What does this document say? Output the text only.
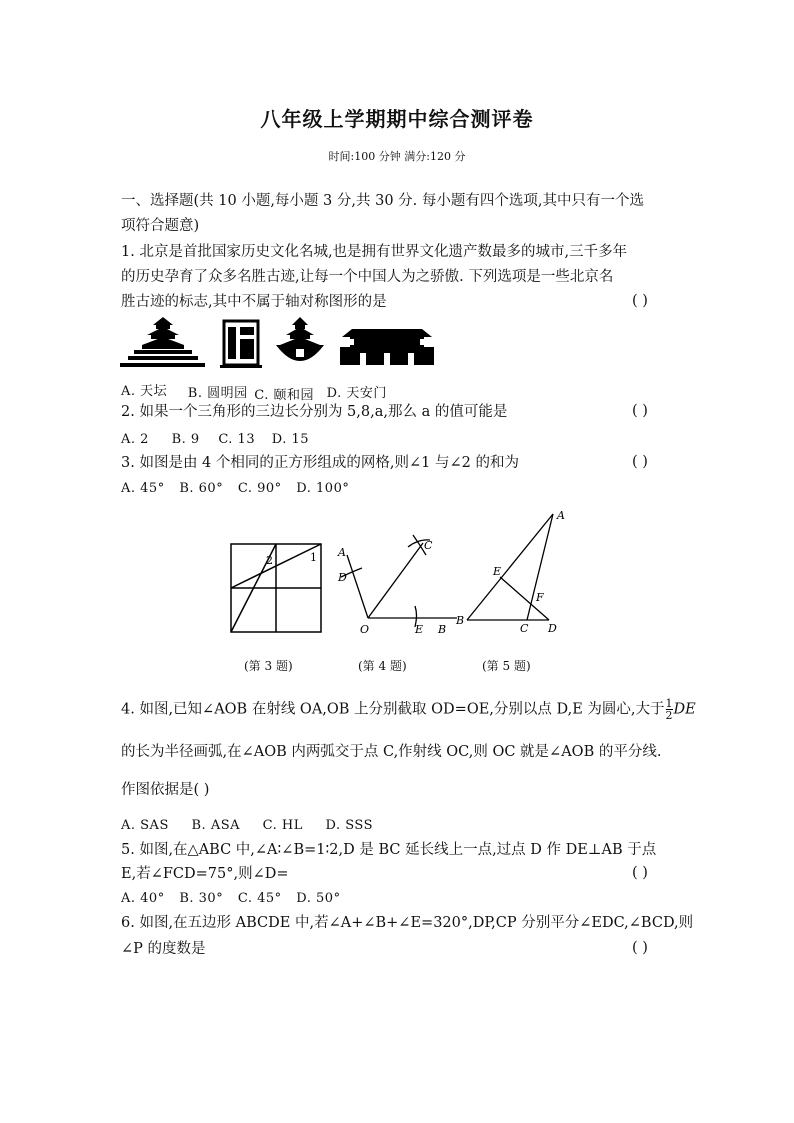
八年级上学期期中综合测评卷
时间:100 分钟 满分:120 分
一、选择题(共 10 小题,每小题 3 分,共 30 分. 每小题有四个选项,其中只有一个选
项符合题意)
1. 北京是首批国家历史文化名城,也是拥有世界文化遗产数最多的城市,三千多年
的历史孕育了众多名胜古迹,让每一个中国人为之骄傲. 下列选项是一些北京名
胜古迹的标志,其中不属于轴对称图形的是	( )
A. 天坛 B. 圆明园 C. 颐和园 D. 天安门
2. 如果一个三角形的三边长分别为 5,8,a,那么 a 的值可能是	( )
A. 2 B. 9 C. 13 D. 15
3. 如图是由 4 个相同的正方形组成的网格,则∠1 与∠2 的和为	( )
A. 45° B. 60° C. 90° D. 100°
2	1 A
D
C
O	E B
A
E
F
B
C D
(第 3 题)	(第 4 题)	(第 5 题)
4. 如图,已知∠AOB 在射线 OA,OB 上分别截取 OD=OE,分别以点 D,E 为圆心,大于 $\frac{1}{2}$ DE
的长为半径画弧,在∠AOB 内两弧交于点 C,作射线 OC,则 OC 就是∠AOB 的平分线.
作图依据是( )
A. SAS B. ASA C. HL D. SSS
5. 如图,在△ABC 中,∠A∶∠B=1∶2,D 是 BC 延长线上一点,过点 D 作 DE⊥AB 于点
E,若∠FCD=75°,则∠D=	( )
A. 40° B. 30° C. 45° D. 50°
6. 如图,在五边形 ABCDE 中,若∠A+∠B+∠E=320°,DP,CP 分别平分∠EDC,∠BCD,则
∠P 的度数是	( )
